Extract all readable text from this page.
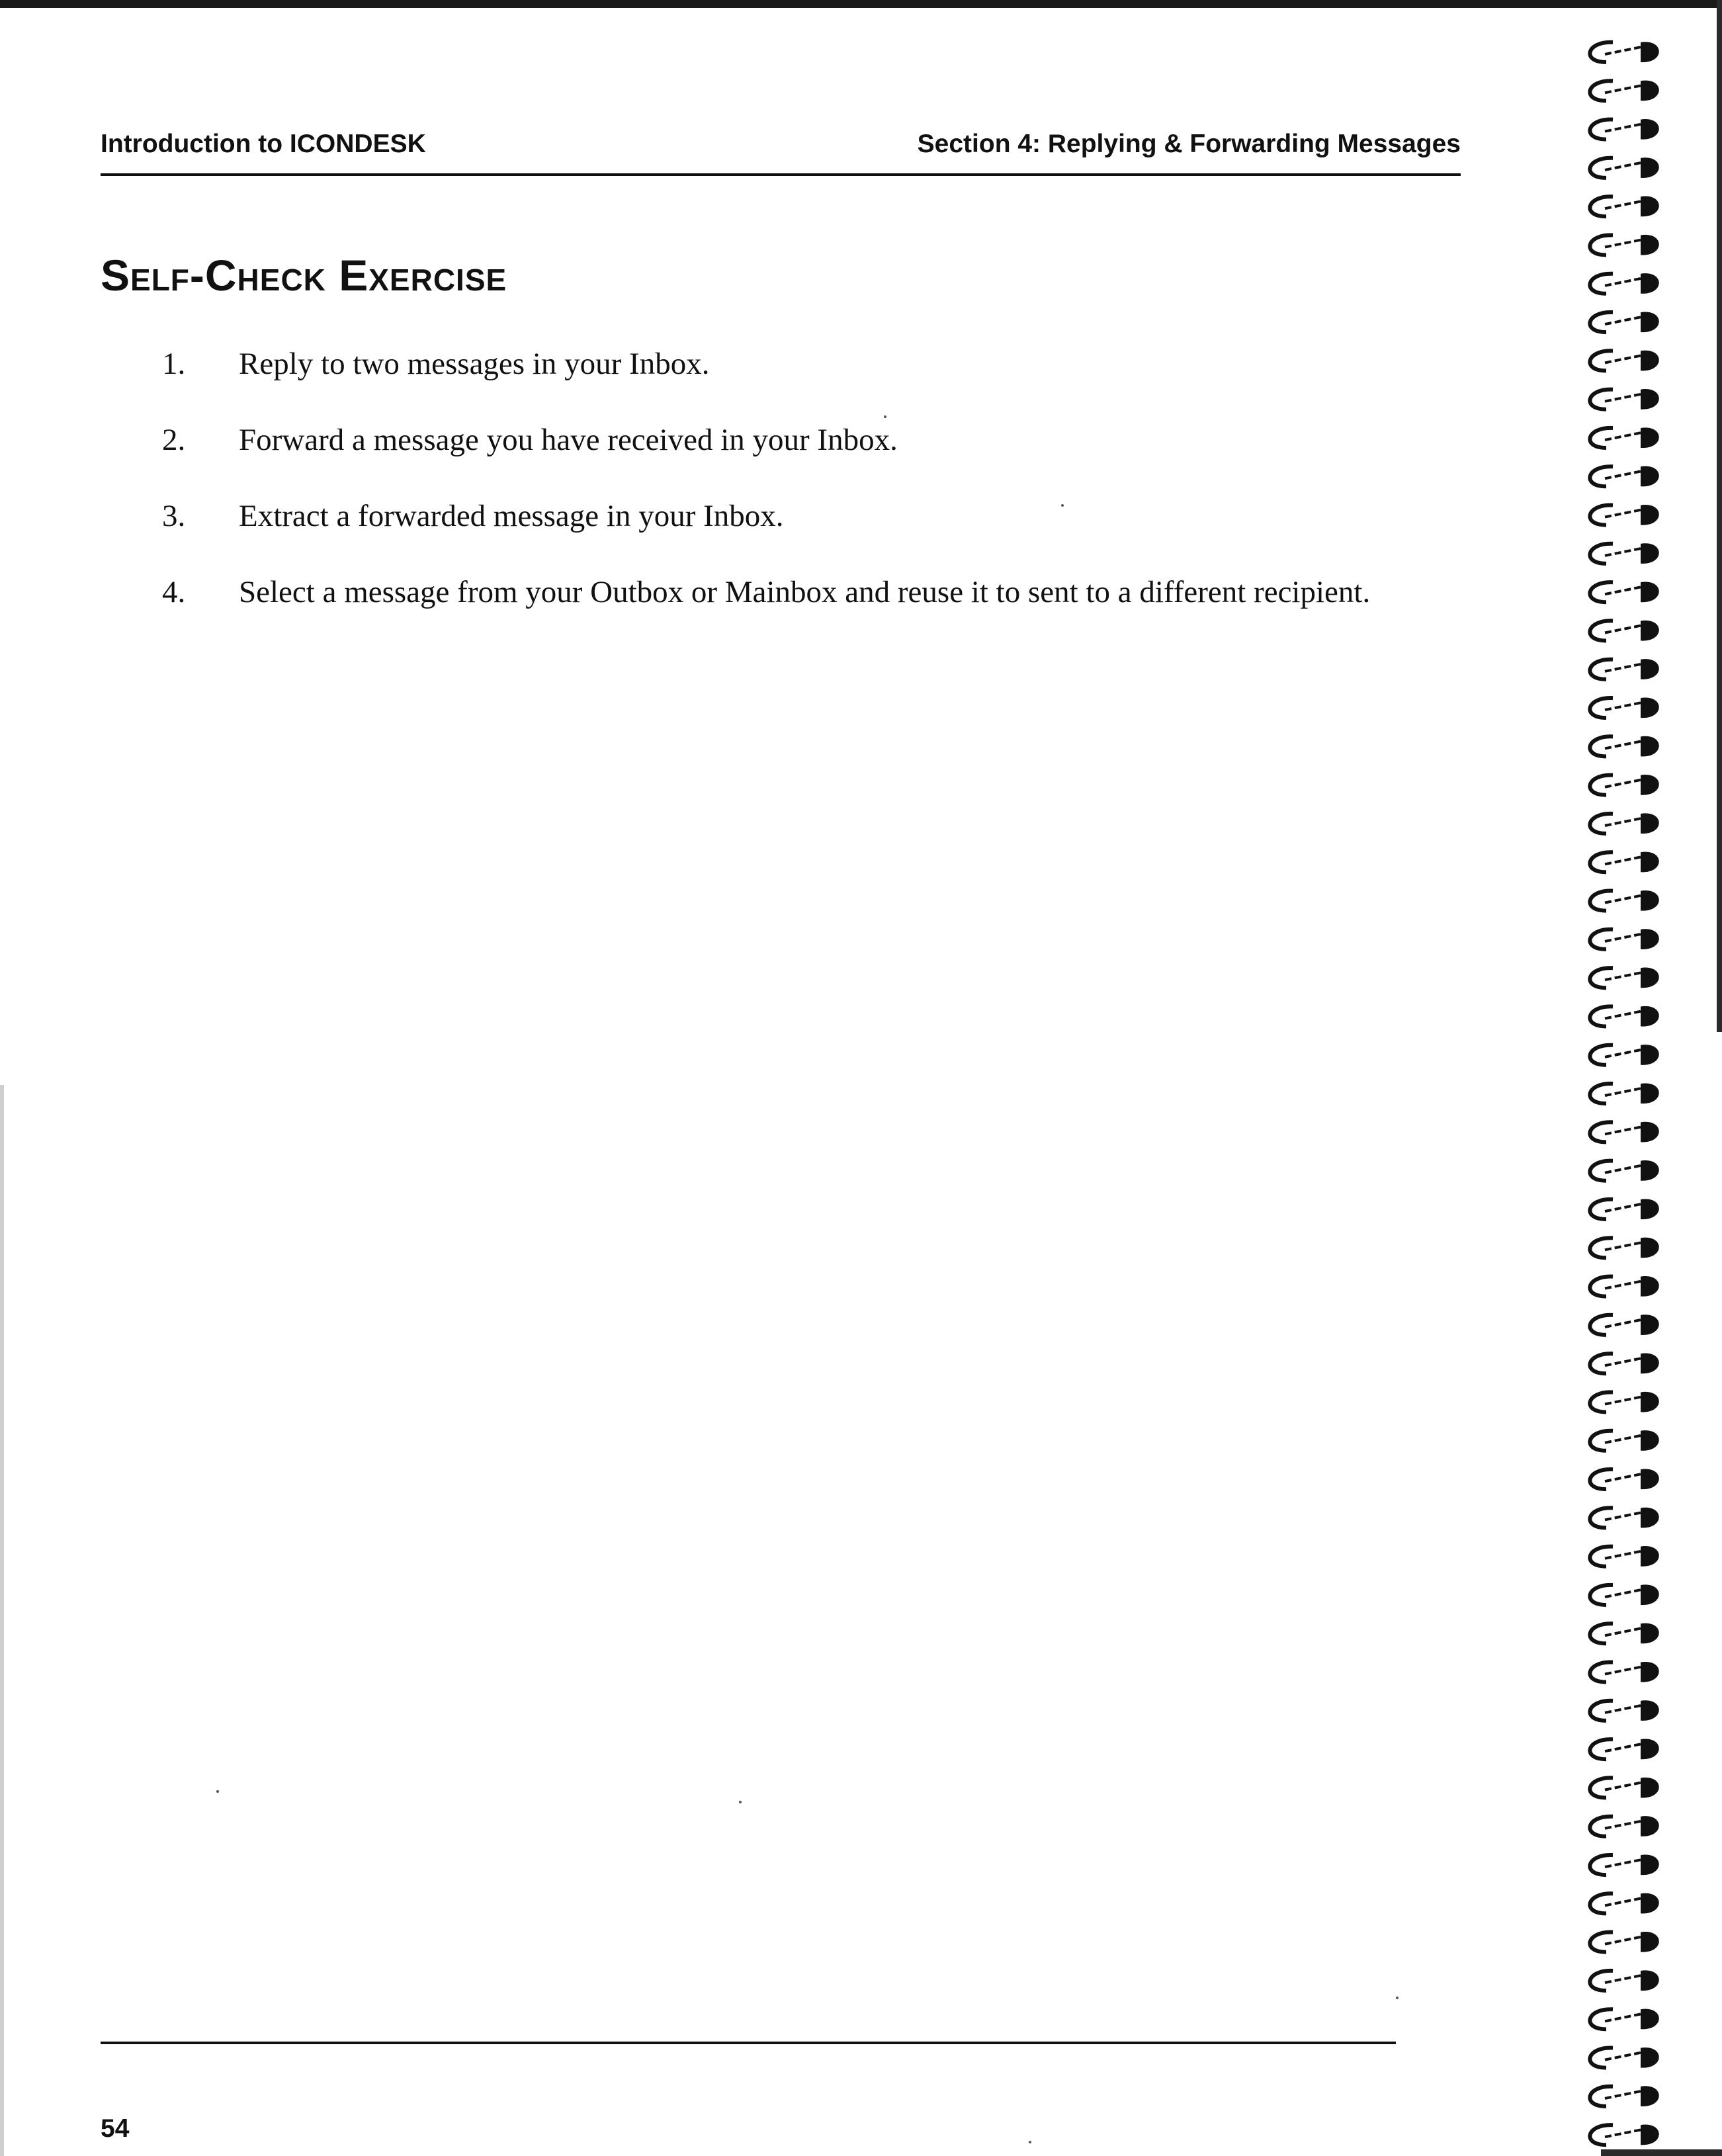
Introduction to ICONDESK	Section 4: Replying & Forwarding Messages
Self-Check Exercise
1. Reply to two messages in your Inbox.
2. Forward a message you have received in your Inbox.
3. Extract a forwarded message in your Inbox.
4. Select a message from your Outbox or Mainbox and reuse it to sent to a different recipient.
54
